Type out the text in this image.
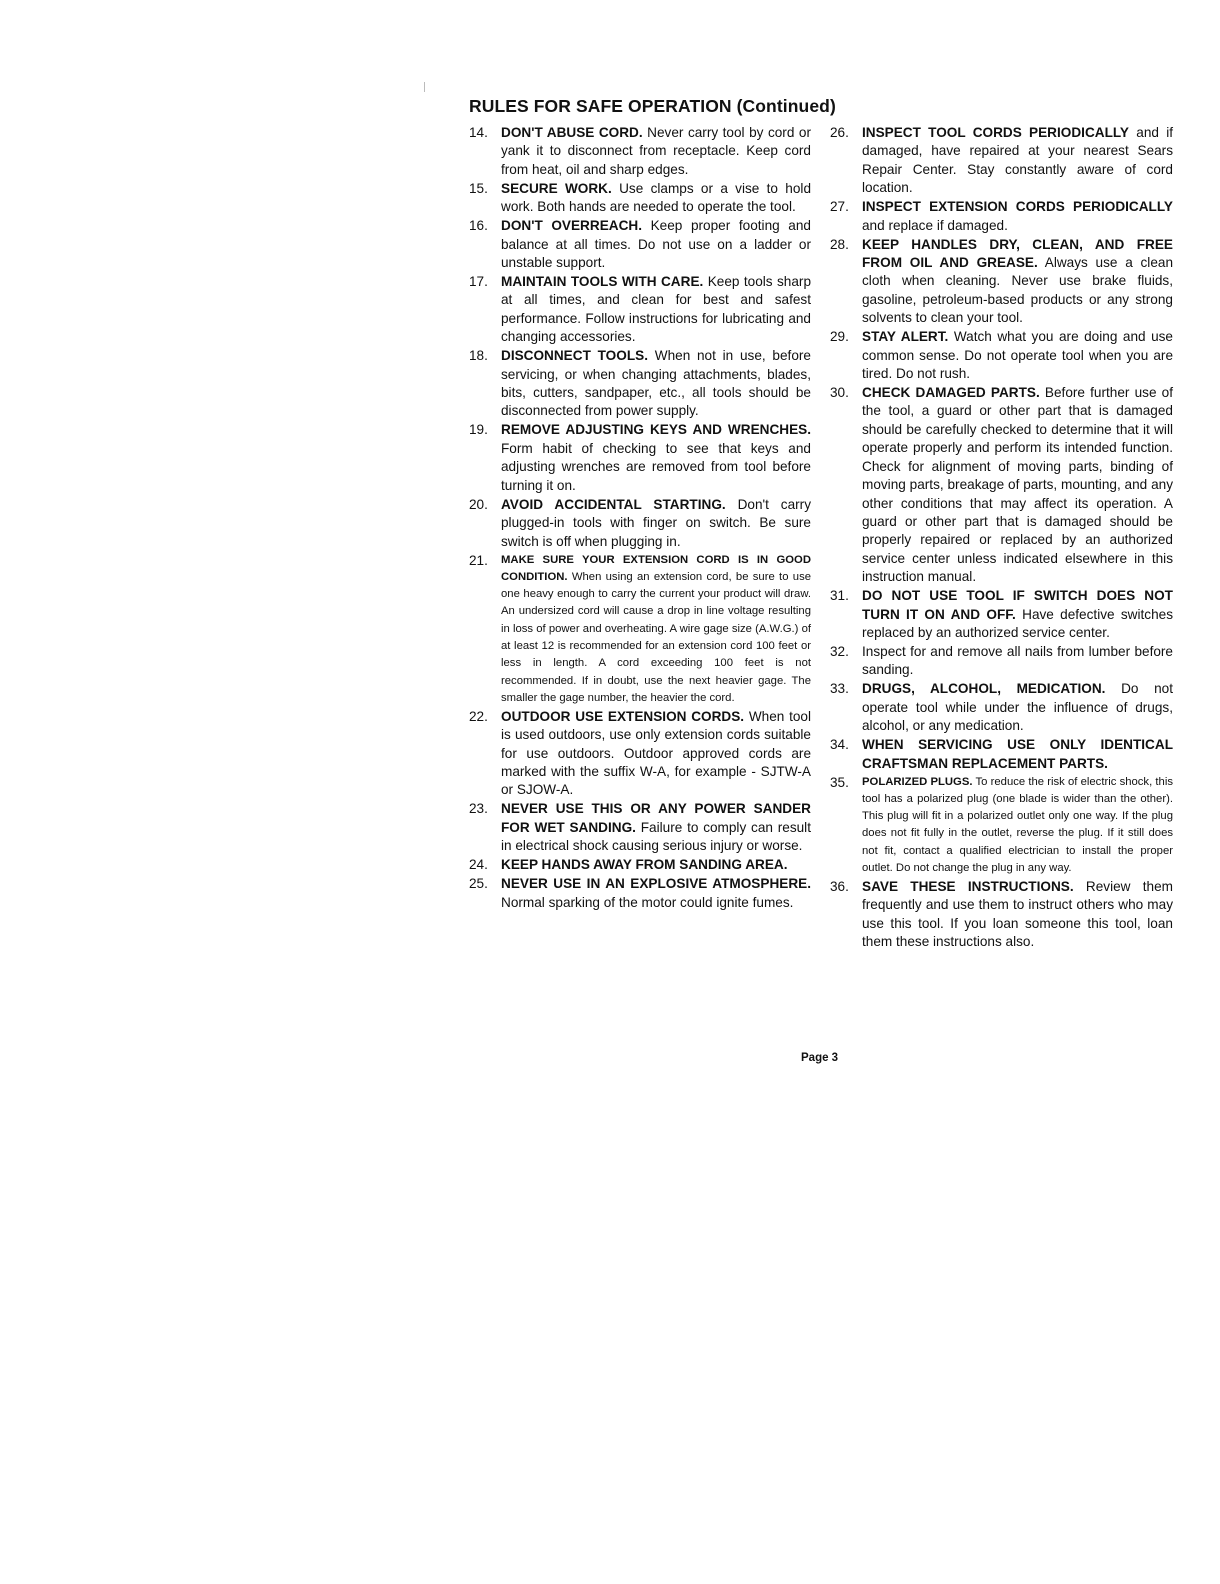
RULES FOR SAFE OPERATION (Continued)
14. DON'T ABUSE CORD. Never carry tool by cord or yank it to disconnect from receptacle. Keep cord from heat, oil and sharp edges.
15. SECURE WORK. Use clamps or a vise to hold work. Both hands are needed to operate the tool.
16. DON'T OVERREACH. Keep proper footing and balance at all times. Do not use on a ladder or unstable support.
17. MAINTAIN TOOLS WITH CARE. Keep tools sharp at all times, and clean for best and safest performance. Follow instructions for lubricating and changing accessories.
18. DISCONNECT TOOLS. When not in use, before servicing, or when changing attachments, blades, bits, cutters, sandpaper, etc., all tools should be disconnected from power supply.
19. REMOVE ADJUSTING KEYS AND WRENCHES. Form habit of checking to see that keys and adjusting wrenches are removed from tool before turning it on.
20. AVOID ACCIDENTAL STARTING. Don't carry plugged-in tools with finger on switch. Be sure switch is off when plugging in.
21. MAKE SURE YOUR EXTENSION CORD IS IN GOOD CONDITION. When using an extension cord, be sure to use one heavy enough to carry the current your product will draw. An undersized cord will cause a drop in line voltage resulting in loss of power and overheating. A wire gage size (A.W.G.) of at least 12 is recommended for an extension cord 100 feet or less in length. A cord exceeding 100 feet is not recommended. If in doubt, use the next heavier gage. The smaller the gage number, the heavier the cord.
22. OUTDOOR USE EXTENSION CORDS. When tool is used outdoors, use only extension cords suitable for use outdoors. Outdoor approved cords are marked with the suffix W-A, for example - SJTW-A or SJOW-A.
23. NEVER USE THIS OR ANY POWER SANDER FOR WET SANDING. Failure to comply can result in electrical shock causing serious injury or worse.
24. KEEP HANDS AWAY FROM SANDING AREA.
25. NEVER USE IN AN EXPLOSIVE ATMOSPHERE. Normal sparking of the motor could ignite fumes.
26. INSPECT TOOL CORDS PERIODICALLY and if damaged, have repaired at your nearest Sears Repair Center. Stay constantly aware of cord location.
27. INSPECT EXTENSION CORDS PERIODICALLY and replace if damaged.
28. KEEP HANDLES DRY, CLEAN, AND FREE FROM OIL AND GREASE. Always use a clean cloth when cleaning. Never use brake fluids, gasoline, petroleum-based products or any strong solvents to clean your tool.
29. STAY ALERT. Watch what you are doing and use common sense. Do not operate tool when you are tired. Do not rush.
30. CHECK DAMAGED PARTS. Before further use of the tool, a guard or other part that is damaged should be carefully checked to determine that it will operate properly and perform its intended function. Check for alignment of moving parts, binding of moving parts, breakage of parts, mounting, and any other conditions that may affect its operation. A guard or other part that is damaged should be properly repaired or replaced by an authorized service center unless indicated elsewhere in this instruction manual.
31. DO NOT USE TOOL IF SWITCH DOES NOT TURN IT ON AND OFF. Have defective switches replaced by an authorized service center.
32. Inspect for and remove all nails from lumber before sanding.
33. DRUGS, ALCOHOL, MEDICATION. Do not operate tool while under the influence of drugs, alcohol, or any medication.
34. WHEN SERVICING USE ONLY IDENTICAL CRAFTSMAN REPLACEMENT PARTS.
35. POLARIZED PLUGS. To reduce the risk of electric shock, this tool has a polarized plug (one blade is wider than the other). This plug will fit in a polarized outlet only one way. If the plug does not fit fully in the outlet, reverse the plug. If it still does not fit, contact a qualified electrician to install the proper outlet. Do not change the plug in any way.
36. SAVE THESE INSTRUCTIONS. Review them frequently and use them to instruct others who may use this tool. If you loan someone this tool, loan them these instructions also.
Page 3
